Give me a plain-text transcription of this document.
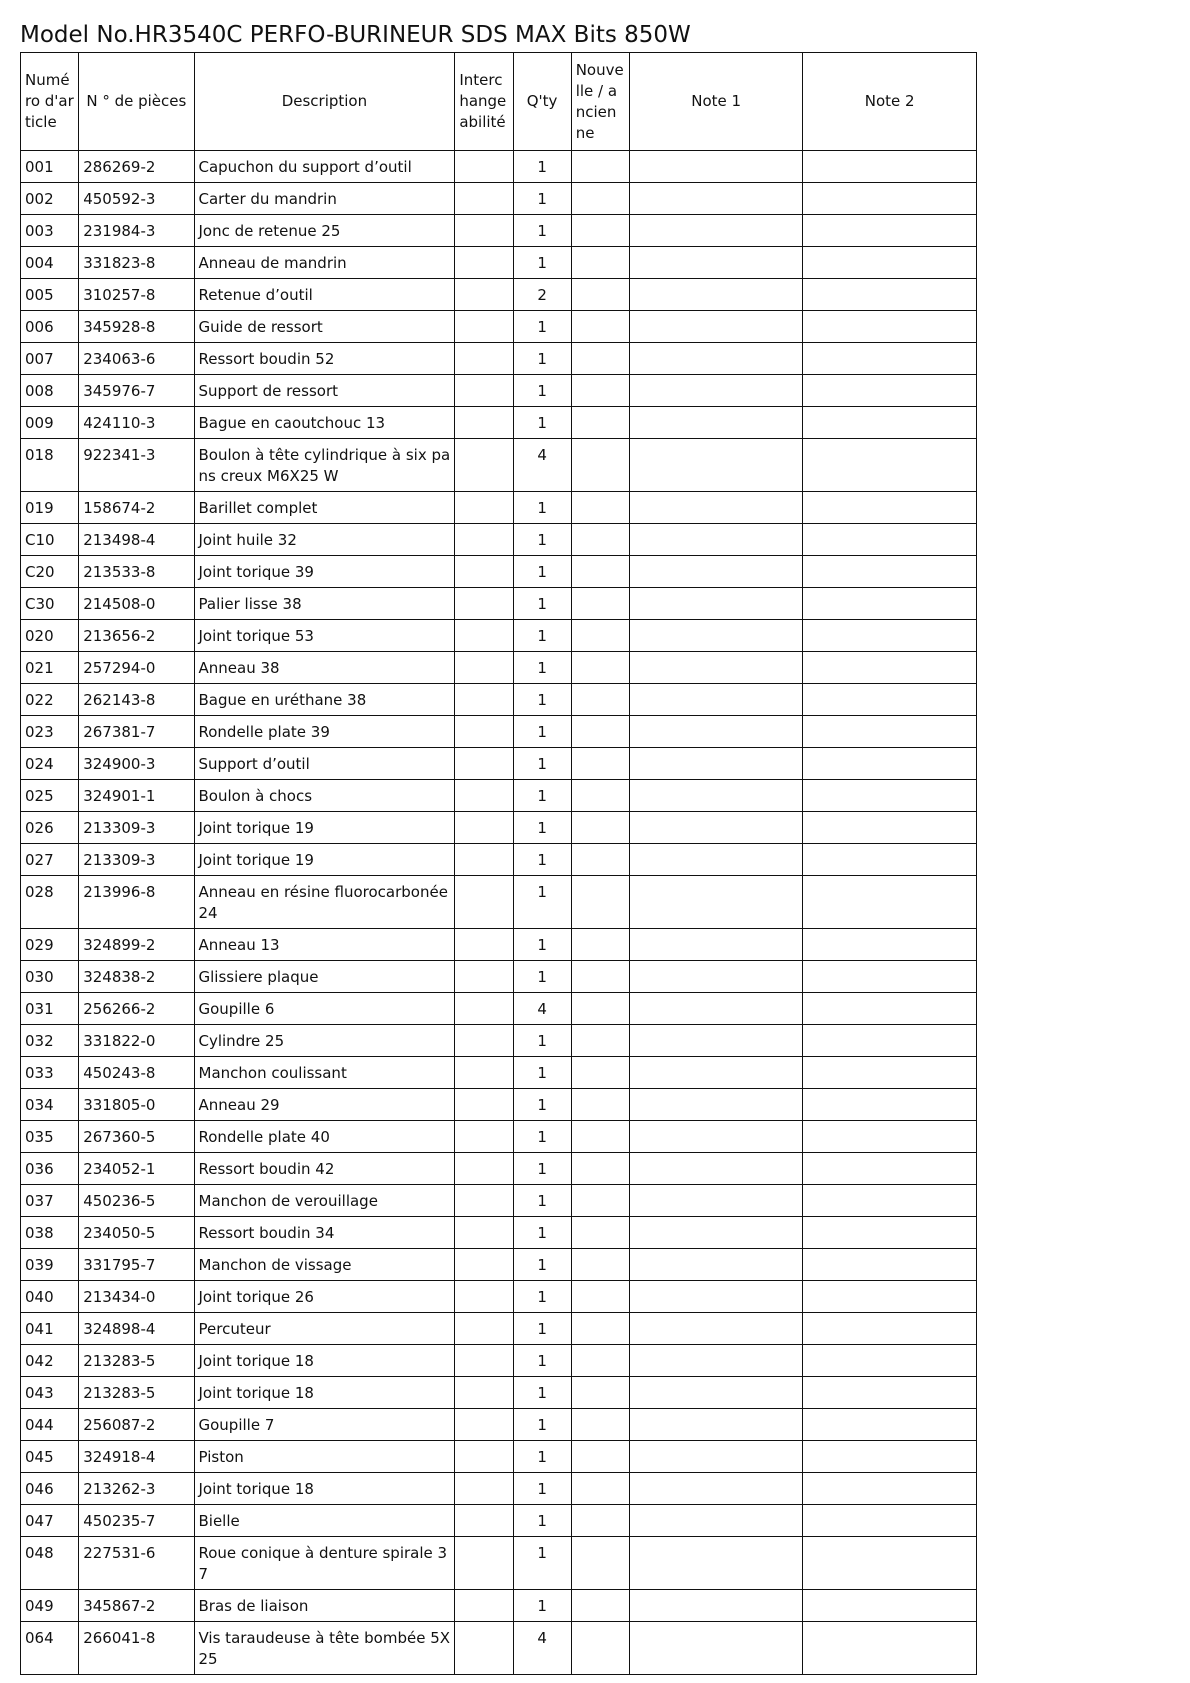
Model No.HR3540C PERFO-BURINEUR SDS MAX Bits 850W
Numéro d'article	N ° de pièces	Description	Interchangeabilité	Q'ty	Nouvelle / ancienne	Note 1	Note 2
001	286269-2	Capuchon du support d’outil		1			
002	450592-3	Carter du mandrin		1			
003	231984-3	Jonc de retenue 25		1			
004	331823-8	Anneau de mandrin		1			
005	310257-8	Retenue d’outil		2			
006	345928-8	Guide de ressort		1			
007	234063-6	Ressort boudin 52		1			
008	345976-7	Support de ressort		1			
009	424110-3	Bague en caoutchouc 13		1			
018	922341-3	Boulon à tête cylindrique à six pans creux M6X25 W		4			
019	158674-2	Barillet complet		1			
C10	213498-4	Joint huile 32		1			
C20	213533-8	Joint torique 39		1			
C30	214508-0	Palier lisse 38		1			
020	213656-2	Joint torique 53		1			
021	257294-0	Anneau 38		1			
022	262143-8	Bague en uréthane 38		1			
023	267381-7	Rondelle plate 39		1			
024	324900-3	Support d’outil		1			
025	324901-1	Boulon à chocs		1			
026	213309-3	Joint torique 19		1			
027	213309-3	Joint torique 19		1			
028	213996-8	Anneau en résine fluorocarbonée 24		1			
029	324899-2	Anneau 13		1			
030	324838-2	Glissiere plaque		1			
031	256266-2	Goupille 6		4			
032	331822-0	Cylindre 25		1			
033	450243-8	Manchon coulissant		1			
034	331805-0	Anneau 29		1			
035	267360-5	Rondelle plate 40		1			
036	234052-1	Ressort boudin 42		1			
037	450236-5	Manchon de verouillage		1			
038	234050-5	Ressort boudin 34		1			
039	331795-7	Manchon de vissage		1			
040	213434-0	Joint torique 26		1			
041	324898-4	Percuteur		1			
042	213283-5	Joint torique 18		1			
043	213283-5	Joint torique 18		1			
044	256087-2	Goupille 7		1			
045	324918-4	Piston		1			
046	213262-3	Joint torique 18		1			
047	450235-7	Bielle		1			
048	227531-6	Roue conique à denture spirale 37		1			
049	345867-2	Bras de liaison		1			
064	266041-8	Vis taraudeuse à tête bombée 5X25		4			
